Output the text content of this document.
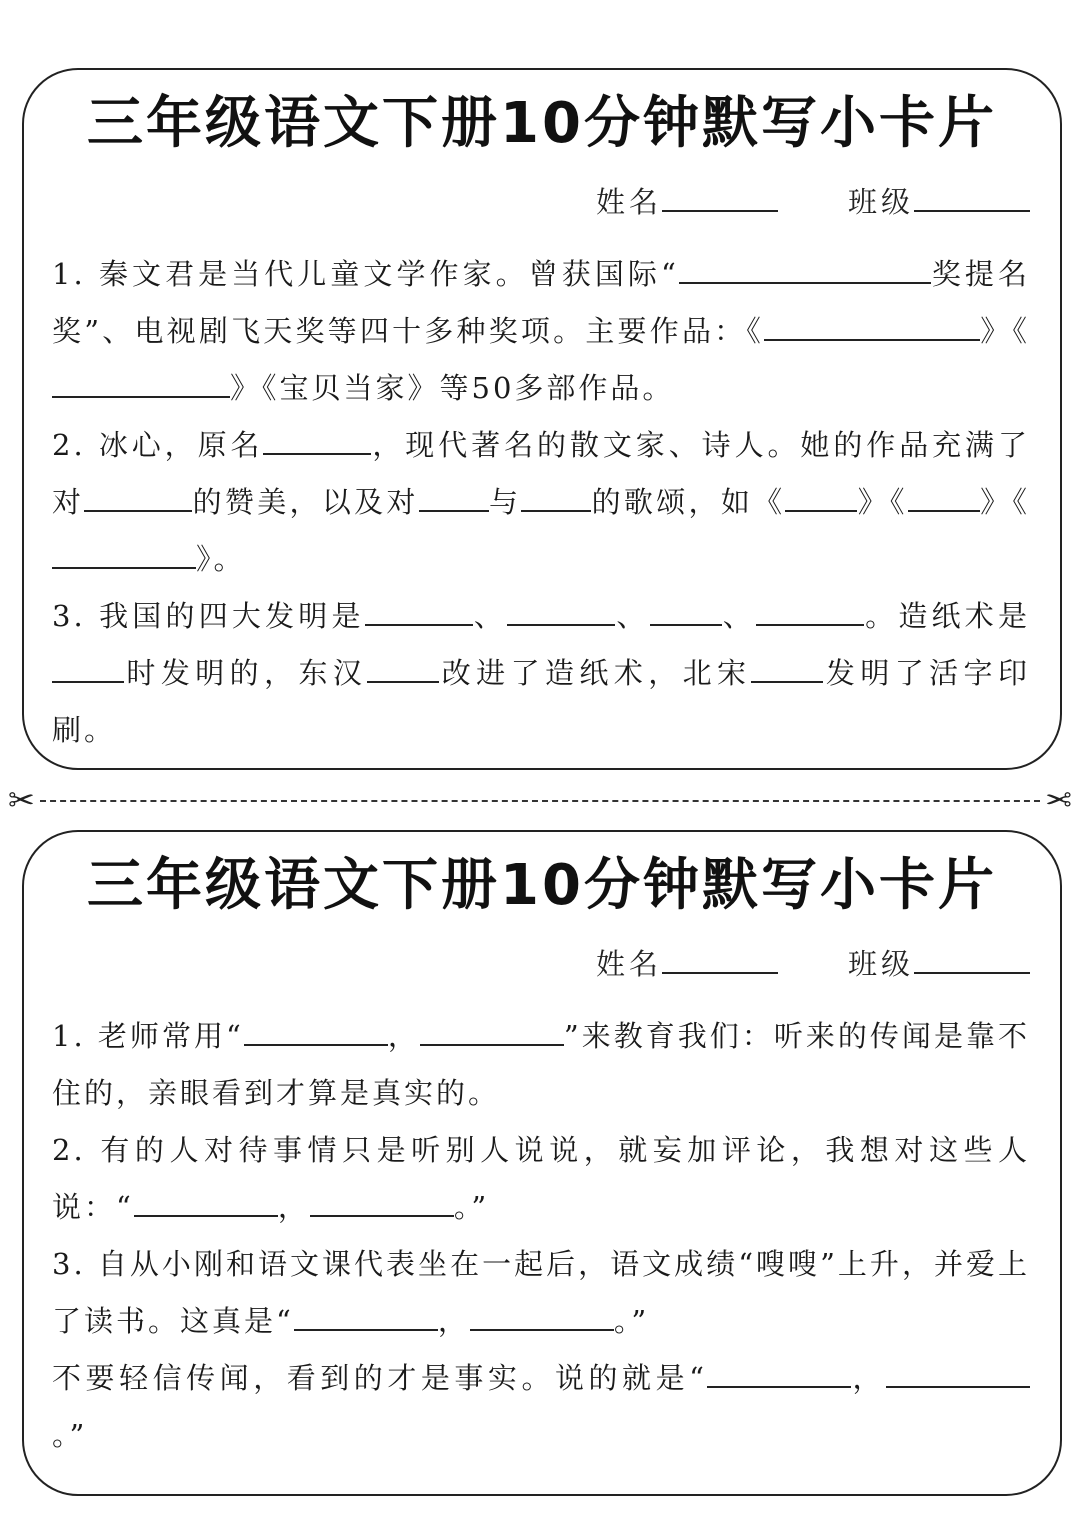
三年级语文下册10分钟默写小卡片
姓名	班级

1. 秦文君是当代儿童文学作家。曾获国际“	奖提名奖”、电视剧飞天奖等四十多种奖项。主要作品：《	》《》《宝贝当家》等50多部作品。

2. 冰心，原名	，现代著名的散文家、诗人。她的作品充满了对	的赞美，以及对 与 的歌颂，如《 》《 》《》。

3. 我国的四大发明是	、	、 、	。造纸术是时发明的，东汉 改进了造纸术，北宋 发明了活字印刷。

✂	✂
三年级语文下册10分钟默写小卡片
姓名	班级

1. 老师常用“	，	”来教育我们：听来的传闻是靠不住的，亲眼看到才算是真实的。

2. 有的人对待事情只是听别人说说，就妄加评论，我想对这些人说：“	，	。”

3. 自从小刚和语文课代表坐在一起后，语文成绩“嗖嗖”上升，并爱上了读书。这真是“	，	。”

不要轻信传闻，看到的才是事实。说的就是“	，。”
